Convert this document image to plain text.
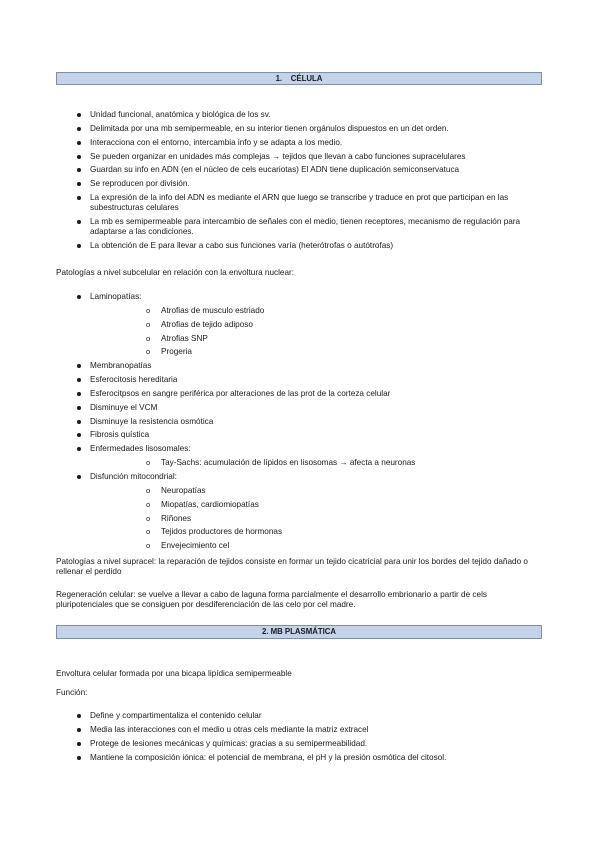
1.    CÉLULA
Unidad funcional, anatómica y biológica de los sv.
Delimitada por una mb semipermeable, en su interior tienen orgánulos dispuestos en un det orden.
Interacciona con el entorno, intercambia info y se adapta a los medio.
Se pueden organizar en unidades más complejas → tejidos que llevan a cabo funciones supracelulares
Guardan su info en ADN (en el núcleo de cels eucariotas) El ADN tiene duplicación semiconservatuca
Se reproducen por división.
La expresión de la info del ADN es mediante el ARN que luego se transcribe y traduce en prot que participan en las subestructuras celulares
La mb es semipermeable para intercambio de señales con el medio, tienen receptores, mecanismo de regulación para adaptarse a las condiciones.
La obtención de E para llevar a cabo sus funciones varía (heterótrofas o autótrofas)
Patologías a nivel subcelular en relación con la envoltura nuclear:
Laminopatías:
o Atrofias de musculo estriado
o Atrofias de tejido adiposo
o Atrofias SNP
o Progeria
Membranopatías
Esferocitosis hereditaria
Esferocitpsos en sangre periférica por alteraciones de las prot de la corteza celular
Disminuye el VCM
Disminuye la resistencia osmótica
Fibrosis quística
Enfermedades lisosomales:
o Tay-Sachs: acumulación de lípidos en lisosomas → afecta a neuronas
Disfunción mitocondrial:
o Neuropatías
o Miopatías, cardiomiopatías
o Riñones
o Tejidos productores de hormonas
o Envejecimiento cel
Patologías a nivel supracel: la reparación de tejidos consiste en formar un tejido cicatricial para unir los bordes del tejido dañado o rellenar el perdido
Regeneración celular: se vuelve a llevar a cabo de laguna forma parcialmente el desarrollo embrionario a partir de cels pluripotenciales que se consiguen por desdiferenciación de las celo por cel madre.
2. MB PLASMÁTICA
Envoltura celular formada por una bicapa lipídica semipermeable
Función:
Define y compartimentaliza el contenido celular
Media las interacciones con el medio u otras cels mediante la matriz extracel
Protege de lesiones mecánicas y químicas: gracias a su semipermeabilidad.
Mantiene la composición iónica: el potencial de membrana, el pH y la presión osmótica del citosol.
